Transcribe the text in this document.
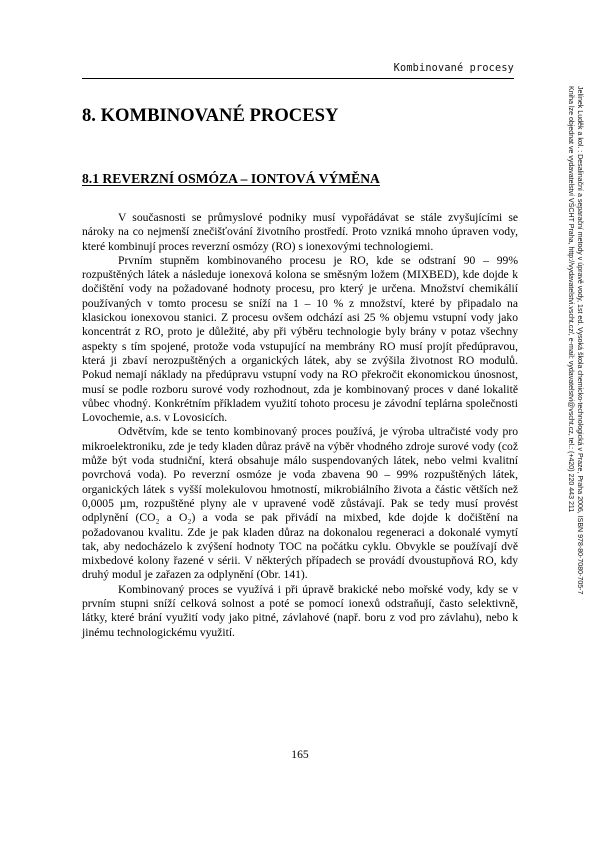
Kombinované procesy
Jelínek Luděk a kol. : Desalinační a separační metody v úpravě vody, 1st ed. Vysoká škola chemicko-technologická v Praze, Praha 2006, ISBN 978-80-7080-705-7
Kniha lze objednat ve vydavatelství VŠCHT Praha, http://vydavatelstvi.vscht.cz/, e-mail: vydavatelstvi@vscht.cz, tel.: (+420) 220 443 211
8. KOMBINOVANÉ PROCESY
8.1 REVERZNÍ OSMÓZA – IONTOVÁ VÝMĚNA

V současnosti se průmyslové podniky musí vypořádávat se stále zvyšujícími se nároky na co nejmenší znečišťování životního prostředí. Proto vzniká mnoho úpraven vody, které kombinují proces reverzní osmózy (RO) s ionexovými technologiemi.

Prvním stupněm kombinovaného procesu je RO, kde se odstraní 90 – 99% rozpuštěných látek a následuje ionexová kolona se směsným ložem (MIXBED), kde dojde k dočištění vody na požadované hodnoty procesu, pro který je určena. Množství chemikálií používaných v tomto procesu se sníží na 1 – 10 % z množství, které by připadalo na klasickou ionexovou stanici. Z procesu ovšem odchází asi 25 % objemu vstupní vody jako koncentrát z RO, proto je důležité, aby při výběru technologie byly brány v potaz všechny aspekty s tím spojené, protože voda vstupující na membrány RO musí projít předúpravou, která ji zbaví nerozpuštěných a organických látek, aby se zvýšila životnost RO modulů. Pokud nemají náklady na předúpravu vstupní vody na RO překročit ekonomickou únosnost, musí se podle rozboru surové vody rozhodnout, zda je kombinovaný proces v dané lokalitě vůbec vhodný. Konkrétním příkladem využití tohoto procesu je závodní teplárna společnosti Lovochemie, a.s. v Lovosicích.

Odvětvím, kde se tento kombinovaný proces používá, je výroba ultračisté vody pro mikroelektroniku, zde je tedy kladen důraz právě na výběr vhodného zdroje surové vody (což může být voda studniční, která obsahuje málo suspendovaných látek, nebo velmi kvalitní povrchová voda). Po reverzní osmóze je voda zbavena 90 – 99% rozpuštěných látek, organických látek s vyšší molekulovou hmotností, mikrobiálního života a částic větších než 0,0005 µm, rozpuštěné plyny ale v upravené vodě zůstávají. Pak se tedy musí provést odplynění (CO₂ a O₂) a voda se pak přivádí na mixbed, kde dojde k dočištění na požadovanou kvalitu. Zde je pak kladen důraz na dokonalou regeneraci a dokonalé vymytí tak, aby nedocházelo k zvýšení hodnoty TOC na počátku cyklu. Obvykle se používají dvě mixbedové kolony řazené v sérii. V některých případech se provádí dvoustupňová RO, kdy druhý modul je zařazen za odplynění (Obr. 141).

Kombinovaný proces se využívá i při úpravě brakické nebo mořské vody, kdy se v prvním stupni sníží celková solnost a poté se pomocí ionexů odstraňují, často selektivně, látky, které brání využití vody jako pitné, závlahové (např. boru z vod pro závlahu), nebo k jinému technologickému využití.

165
